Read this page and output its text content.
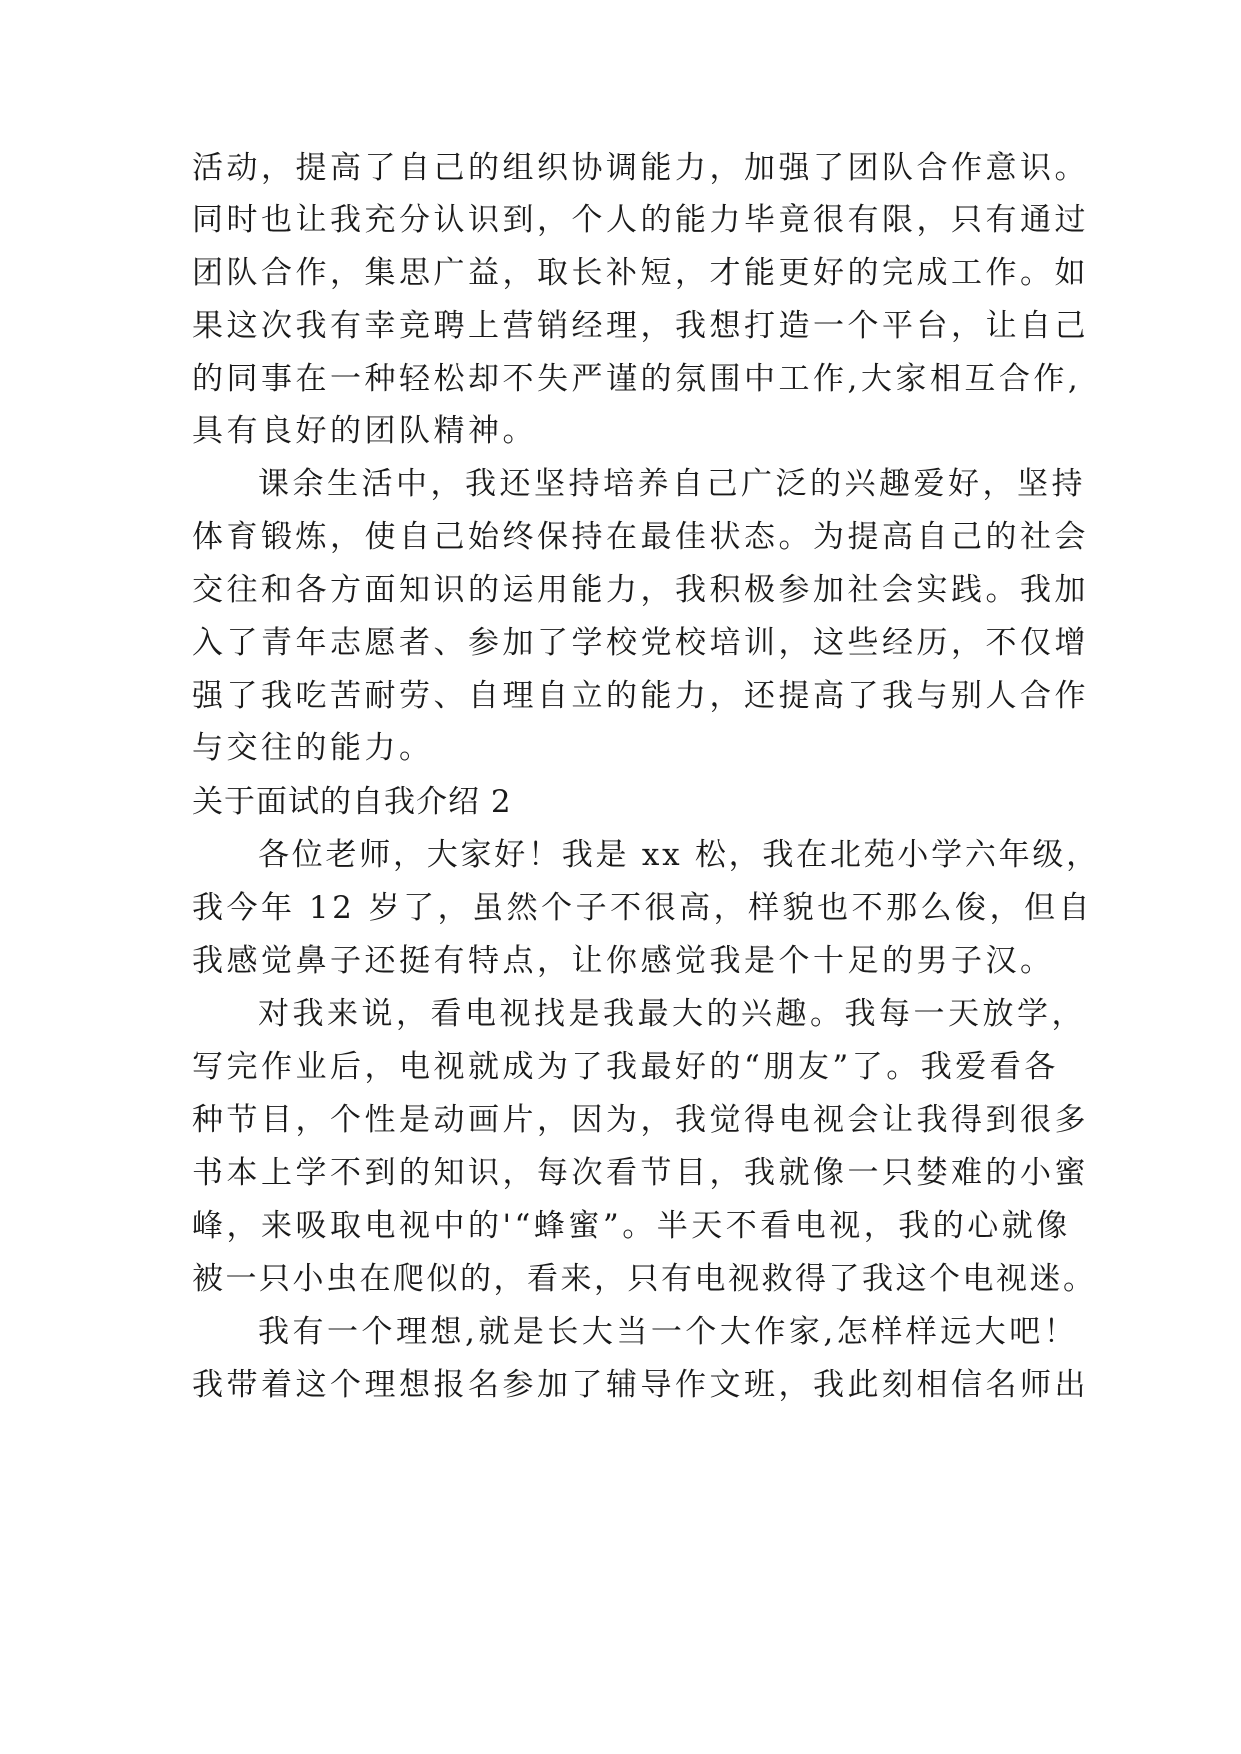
活动，提高了自己的组织协调能力，加强了团队合作意识。
同时也让我充分认识到，个人的能力毕竟很有限，只有通过
团队合作，集思广益，取长补短，才能更好的完成工作。如
果这次我有幸竞聘上营销经理，我想打造一个平台，让自己
的同事在一种轻松却不失严谨的氛围中工作,大家相互合作,
具有良好的团队精神。
课余生活中，我还坚持培养自己广泛的兴趣爱好，坚持
体育锻炼，使自己始终保持在最佳状态。为提高自己的社会
交往和各方面知识的运用能力，我积极参加社会实践。我加
入了青年志愿者、参加了学校党校培训，这些经历，不仅增
强了我吃苦耐劳、自理自立的能力，还提高了我与别人合作
与交往的能力。
关于面试的自我介绍 2
各位老师，大家好！我是 xx 松，我在北苑小学六年级，
我今年 12 岁了，虽然个子不很高，样貌也不那么俊，但自
我感觉鼻子还挺有特点，让你感觉我是个十足的男子汉。
对我来说，看电视找是我最大的兴趣。我每一天放学，
写完作业后，电视就成为了我最好的“朋友”了。我爱看各
种节目，个性是动画片，因为，我觉得电视会让我得到很多
书本上学不到的知识，每次看节目，我就像一只婪难的小蜜
峰，来吸取电视中的'“蜂蜜”。半天不看电视，我的心就像
被一只小虫在爬似的，看来，只有电视救得了我这个电视迷。
我有一个理想,就是长大当一个大作家,怎样样远大吧！
我带着这个理想报名参加了辅导作文班，我此刻相信名师出
